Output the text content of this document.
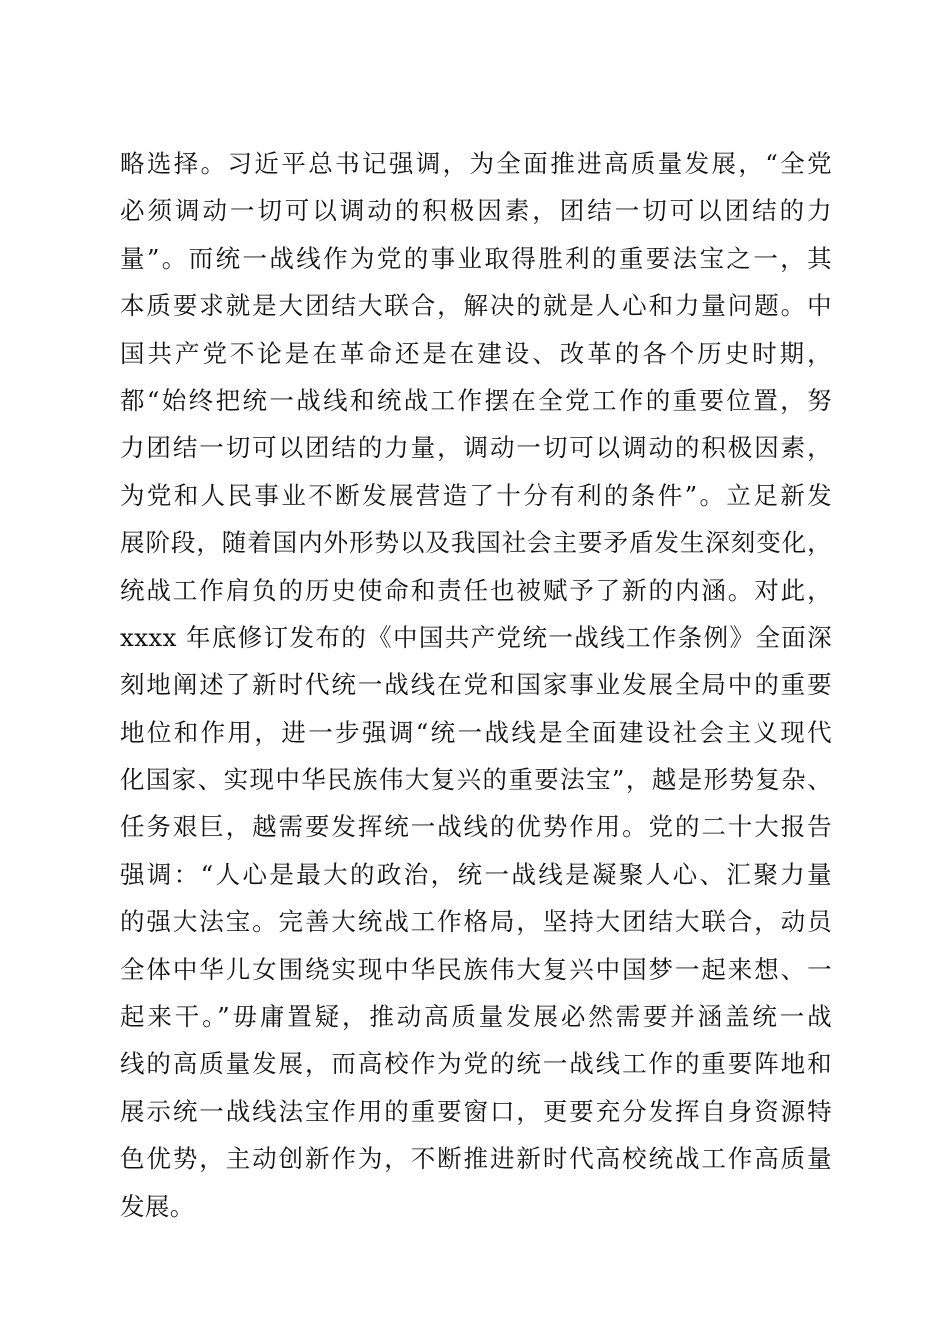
略选择。习近平总书记强调，为全面推进高质量发展，“全党
必须调动一切可以调动的积极因素，团结一切可以团结的力
量”。而统一战线作为党的事业取得胜利的重要法宝之一，其
本质要求就是大团结大联合，解决的就是人心和力量问题。中
国共产党不论是在革命还是在建设、改革的各个历史时期，
都“始终把统一战线和统战工作摆在全党工作的重要位置，努
力团结一切可以团结的力量，调动一切可以调动的积极因素，
为党和人民事业不断发展营造了十分有利的条件”。立足新发
展阶段，随着国内外形势以及我国社会主要矛盾发生深刻变化，
统战工作肩负的历史使命和责任也被赋予了新的内涵。对此，
xxxx 年底修订发布的《中国共产党统一战线工作条例》全面深
刻地阐述了新时代统一战线在党和国家事业发展全局中的重要
地位和作用，进一步强调“统一战线是全面建设社会主义现代
化国家、实现中华民族伟大复兴的重要法宝”，越是形势复杂、
任务艰巨，越需要发挥统一战线的优势作用。党的二十大报告
强调：“人心是最大的政治，统一战线是凝聚人心、汇聚力量
的强大法宝。完善大统战工作格局，坚持大团结大联合，动员
全体中华儿女围绕实现中华民族伟大复兴中国梦一起来想、一
起来干。”毋庸置疑，推动高质量发展必然需要并涵盖统一战
线的高质量发展，而高校作为党的统一战线工作的重要阵地和
展示统一战线法宝作用的重要窗口，更要充分发挥自身资源特
色优势，主动创新作为，不断推进新时代高校统战工作高质量
发展。
